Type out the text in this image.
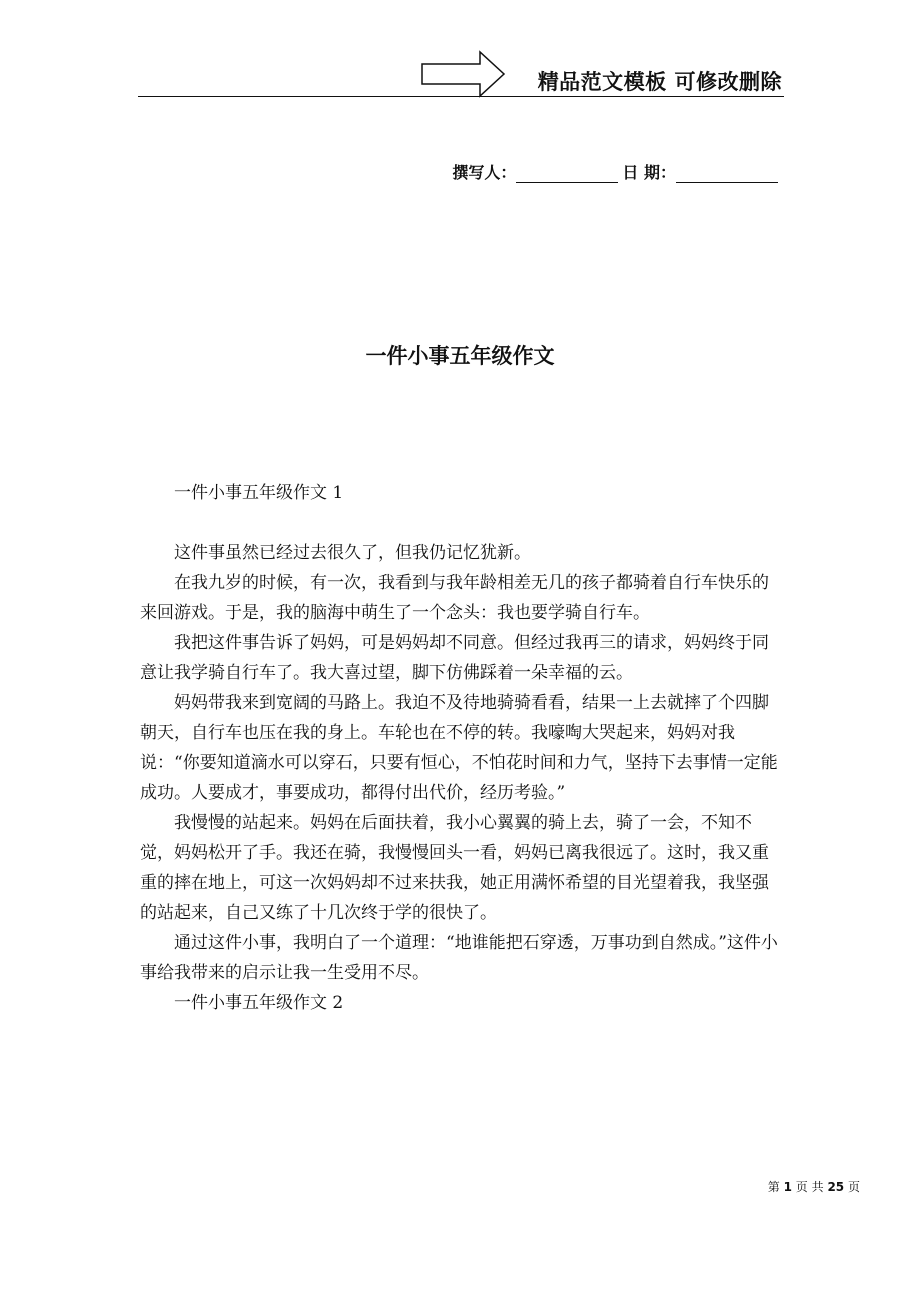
精品范文模板 可修改删除
撰写人：	日 期：
一件小事五年级作文

一件小事五年级作文 1

这件事虽然已经过去很久了，但我仍记忆犹新。

在我九岁的时候，有一次，我看到与我年龄相差无几的孩子都骑着自行车快乐的来回游戏。于是，我的脑海中萌生了一个念头：我也要学骑自行车。

我把这件事告诉了妈妈，可是妈妈却不同意。但经过我再三的请求，妈妈终于同意让我学骑自行车了。我大喜过望，脚下仿佛踩着一朵幸福的云。

妈妈带我来到宽阔的马路上。我迫不及待地骑骑看看，结果一上去就摔了个四脚朝天，自行车也压在我的身上。车轮也在不停的转。我嚎啕大哭起来，妈妈对我说：“你要知道滴水可以穿石，只要有恒心，不怕花时间和力气，坚持下去事情一定能成功。人要成才，事要成功，都得付出代价，经历考验。”

我慢慢的站起来。妈妈在后面扶着，我小心翼翼的骑上去，骑了一会，不知不觉，妈妈松开了手。我还在骑，我慢慢回头一看，妈妈已离我很远了。这时，我又重重的摔在地上，可这一次妈妈却不过来扶我，她正用满怀希望的目光望着我，我坚强的站起来，自己又练了十几次终于学的很快了。

通过这件小事，我明白了一个道理：“地谁能把石穿透，万事功到自然成。”这件小事给我带来的启示让我一生受用不尽。

一件小事五年级作文 2

第 1 页 共 25 页
